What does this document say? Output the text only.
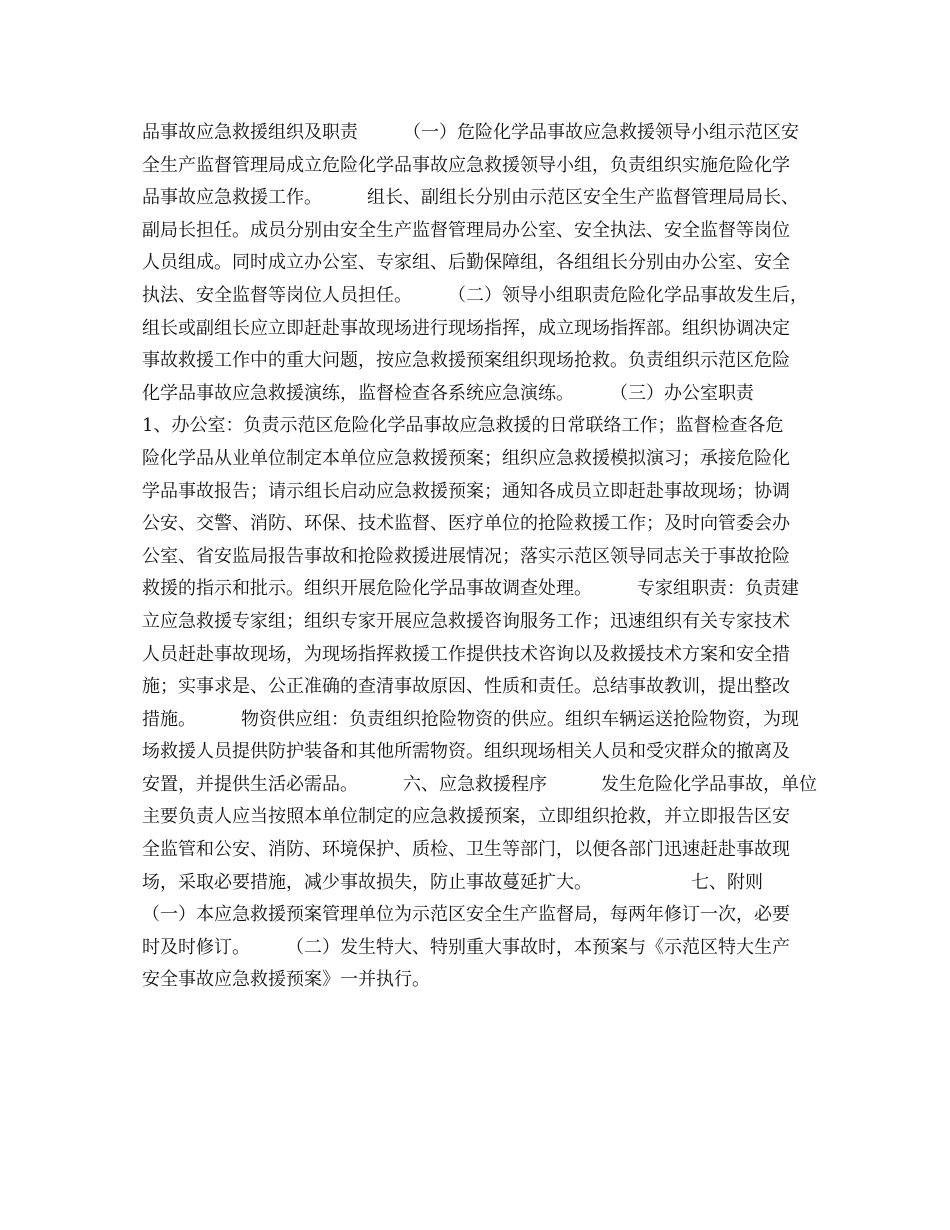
品事故应急救援组织及职责　　　（一）危险化学品事故应急救援领导小组示范区安
全生产监督管理局成立危险化学品事故应急救援领导小组，负责组织实施危险化学
品事故应急救援工作。　　　组长、副组长分别由示范区安全生产监督管理局局长、
副局长担任。成员分别由安全生产监督管理局办公室、安全执法、安全监督等岗位
人员组成。同时成立办公室、专家组、后勤保障组，各组组长分别由办公室、安全
执法、安全监督等岗位人员担任。　　　（二）领导小组职责危险化学品事故发生后，
组长或副组长应立即赶赴事故现场进行现场指挥，成立现场指挥部。组织协调决定
事故救援工作中的重大问题，按应急救援预案组织现场抢救。负责组织示范区危险
化学品事故应急救援演练，监督检查各系统应急演练。　　　（三）办公室职责
1、办公室：负责示范区危险化学品事故应急救援的日常联络工作；监督检查各危
险化学品从业单位制定本单位应急救援预案；组织应急救援模拟演习；承接危险化
学品事故报告；请示组长启动应急救援预案；通知各成员立即赶赴事故现场；协调
公安、交警、消防、环保、技术监督、医疗单位的抢险救援工作；及时向管委会办
公室、省安监局报告事故和抢险救援进展情况；落实示范区领导同志关于事故抢险
救援的指示和批示。组织开展危险化学品事故调查处理。　　　专家组职责：负责建
立应急救援专家组；组织专家开展应急救援咨询服务工作；迅速组织有关专家技术
人员赶赴事故现场，为现场指挥救援工作提供技术咨询以及救援技术方案和安全措
施；实事求是、公正准确的查清事故原因、性质和责任。总结事故教训，提出整改
措施。　　　物资供应组：负责组织抢险物资的供应。组织车辆运送抢险物资，为现
场救援人员提供防护装备和其他所需物资。组织现场相关人员和受灾群众的撤离及
安置，并提供生活必需品。　　　六、应急救援程序　　　发生危险化学品事故，单位
主要负责人应当按照本单位制定的应急救援预案，立即组织抢救，并立即报告区安
全监管和公安、消防、环境保护、质检、卫生等部门，以便各部门迅速赶赴事故现
场，采取必要措施，减少事故损失，防止事故蔓延扩大。　　　　　　七、附则
（一）本应急救援预案管理单位为示范区安全生产监督局，每两年修订一次，必要
时及时修订。　　　（二）发生特大、特别重大事故时，本预案与《示范区特大生产
安全事故应急救援预案》一并执行。
